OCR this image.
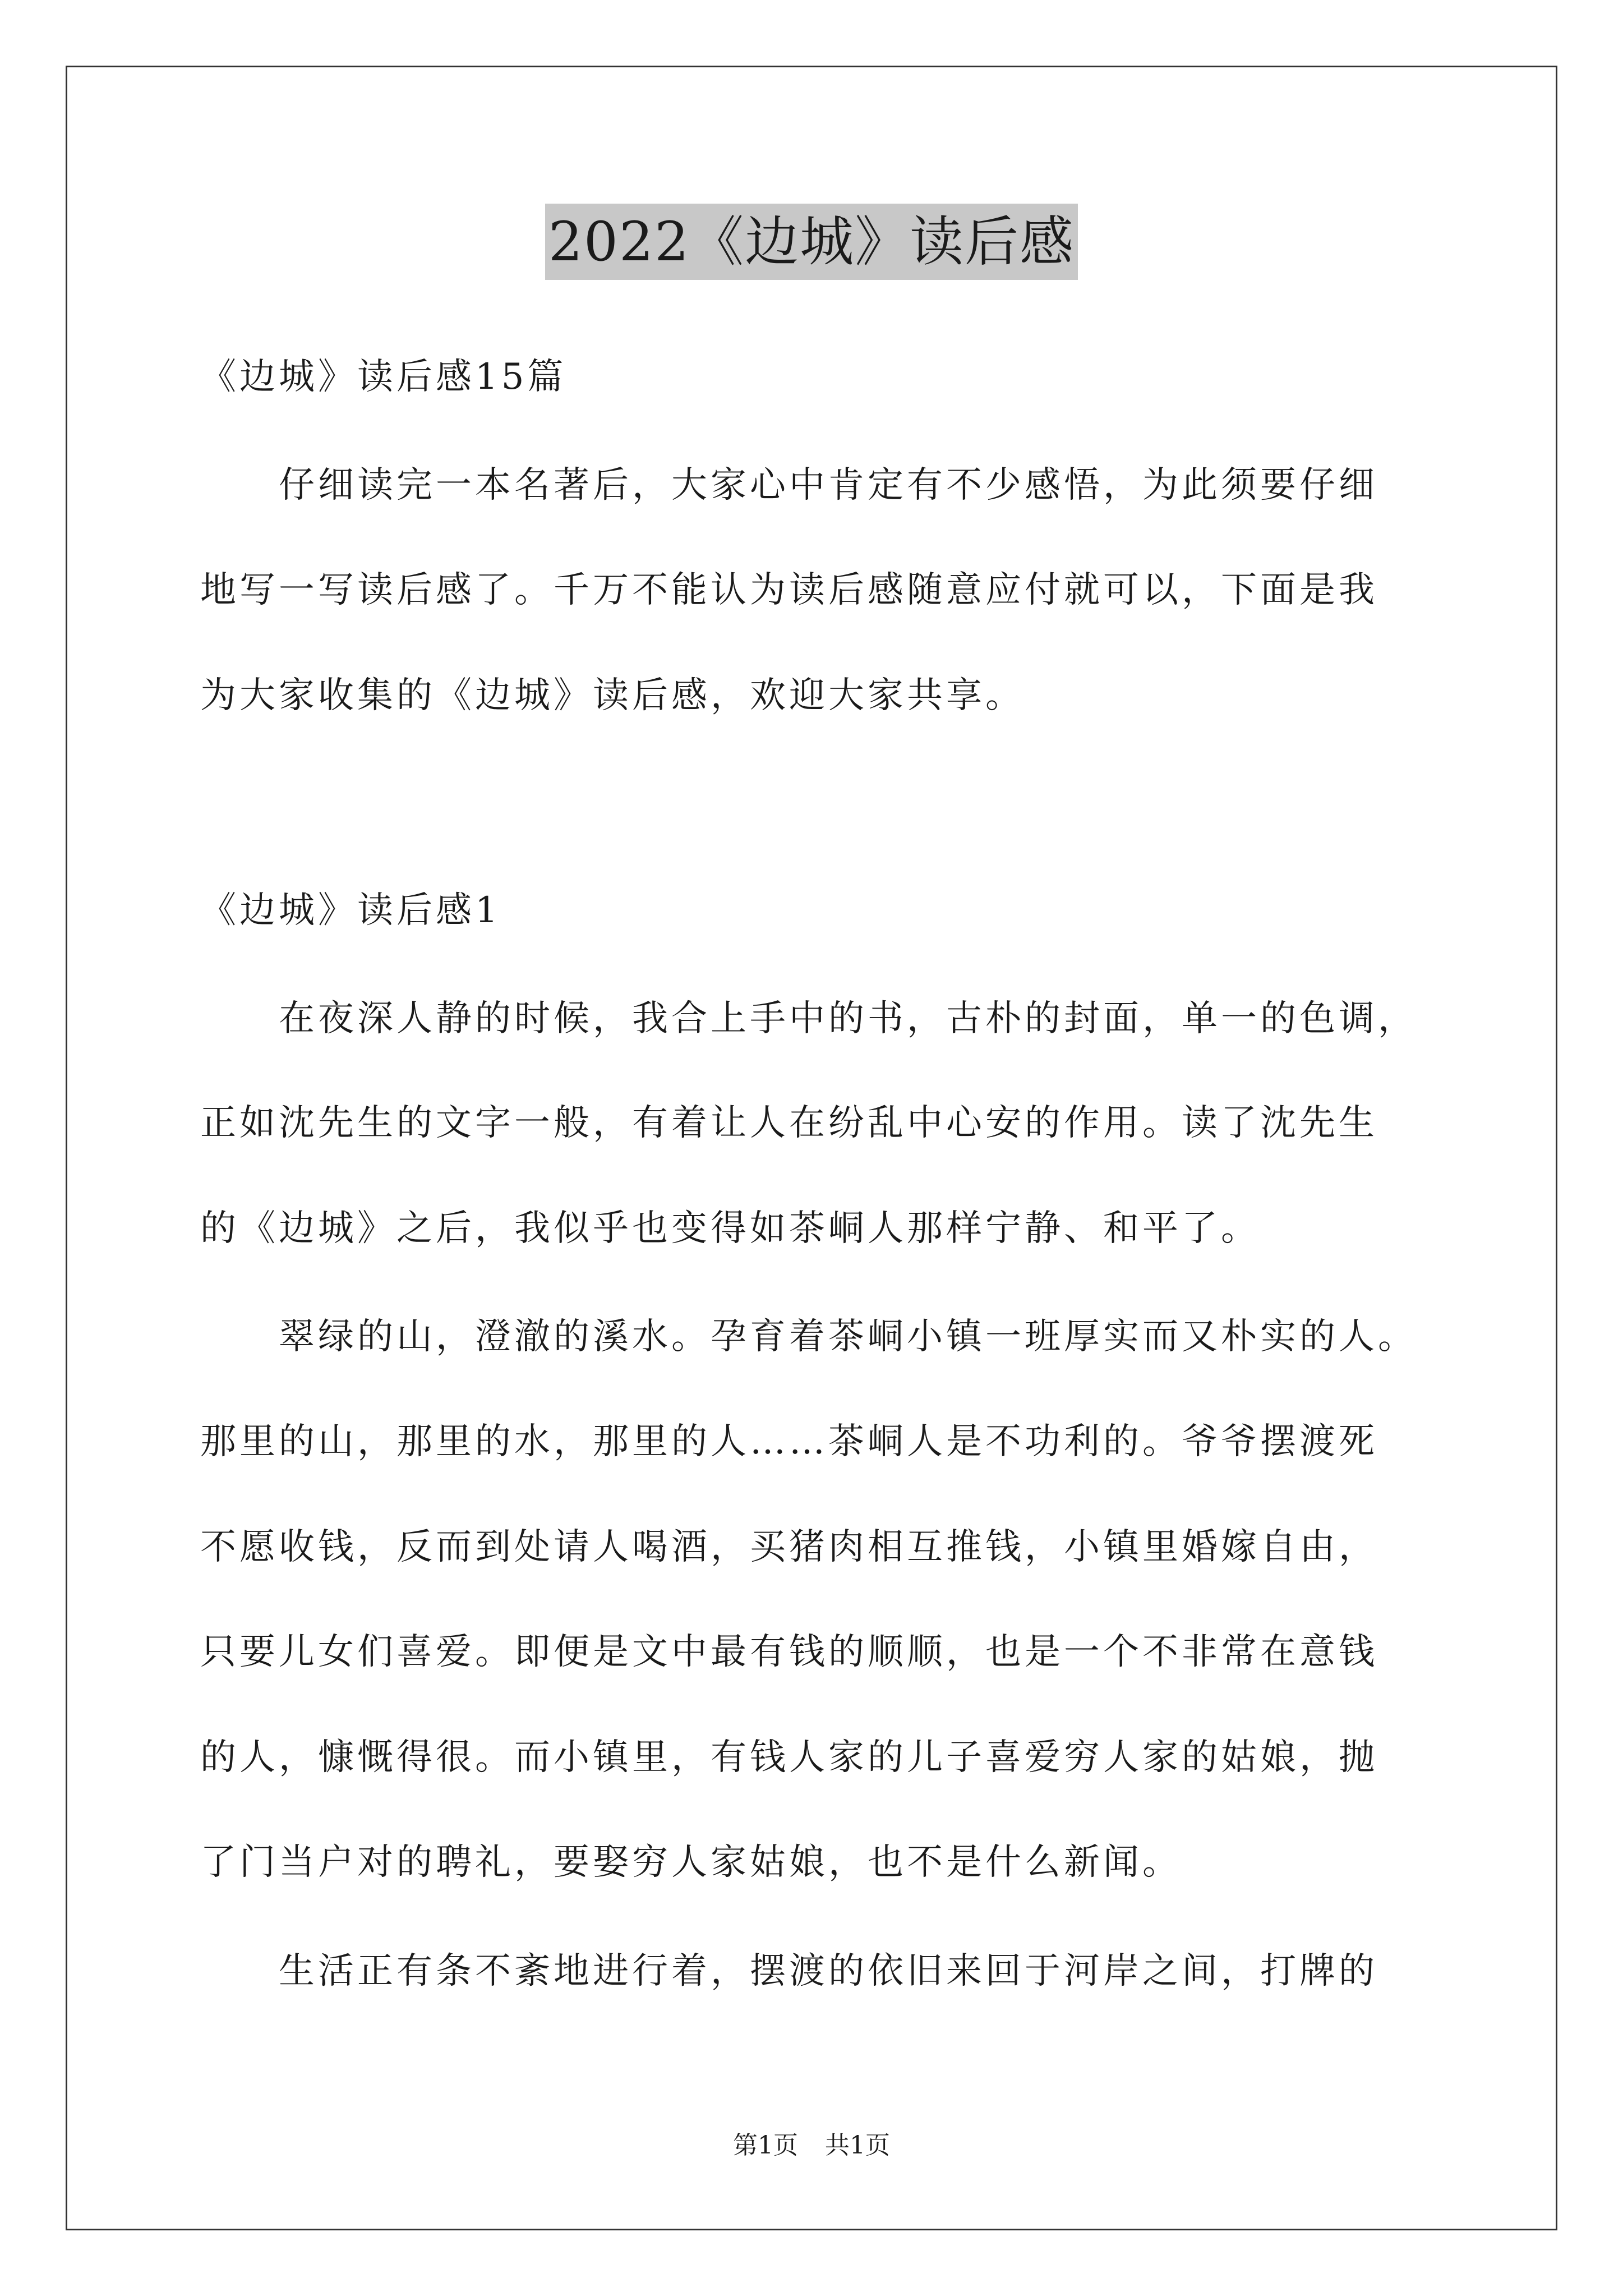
2022《边城》读后感
《边城》读后感15篇
仔细读完一本名著后，大家心中肯定有不少感悟，为此须要仔细
地写一写读后感了。千万不能认为读后感随意应付就可以，下面是我
为大家收集的《边城》读后感，欢迎大家共享。
《边城》读后感1
在夜深人静的时候，我合上手中的书，古朴的封面，单一的色调，
正如沈先生的文字一般，有着让人在纷乱中心安的作用。读了沈先生
的《边城》之后，我似乎也变得如茶峒人那样宁静、和平了。
翠绿的山，澄澈的溪水。孕育着茶峒小镇一班厚实而又朴实的人。
那里的山，那里的水，那里的人……茶峒人是不功利的。爷爷摆渡死
不愿收钱，反而到处请人喝酒，买猪肉相互推钱，小镇里婚嫁自由，
只要儿女们喜爱。即便是文中最有钱的顺顺，也是一个不非常在意钱
的人，慷慨得很。而小镇里，有钱人家的儿子喜爱穷人家的姑娘，抛
了门当户对的聘礼，要娶穷人家姑娘，也不是什么新闻。
生活正有条不紊地进行着，摆渡的依旧来回于河岸之间，打牌的
第1页 共1页
